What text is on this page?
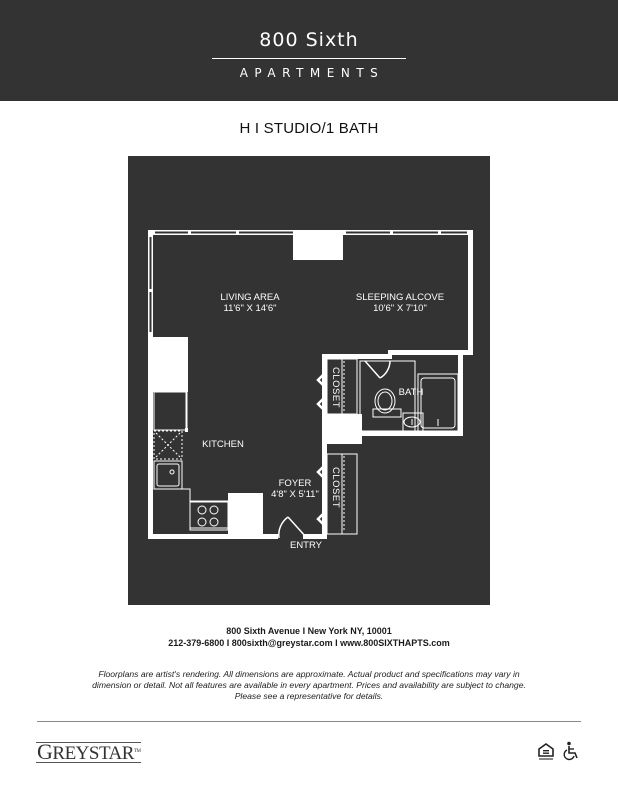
800 Sixth
APARTMENTS
H I STUDIO/1 BATH
LIVING AREA
11'6" X 14'6"
SLEEPING ALCOVE
10'6" X 7'10"
KITCHEN
FOYER
4'8" X 5'11"
BATH
CLOSET
CLOSET
ENTRY
800 Sixth Avenue I New York NY, 10001
212-379-6800 I 800sixth@greystar.com I www.800SIXTHAPTS.com
Floorplans are artist's rendering. All dimensions are approximate. Actual product and specifications may vary in dimension or detail. Not all features are available in every apartment. Prices and availability are subject to change. Please see a representative for details.
GREYSTAR™
